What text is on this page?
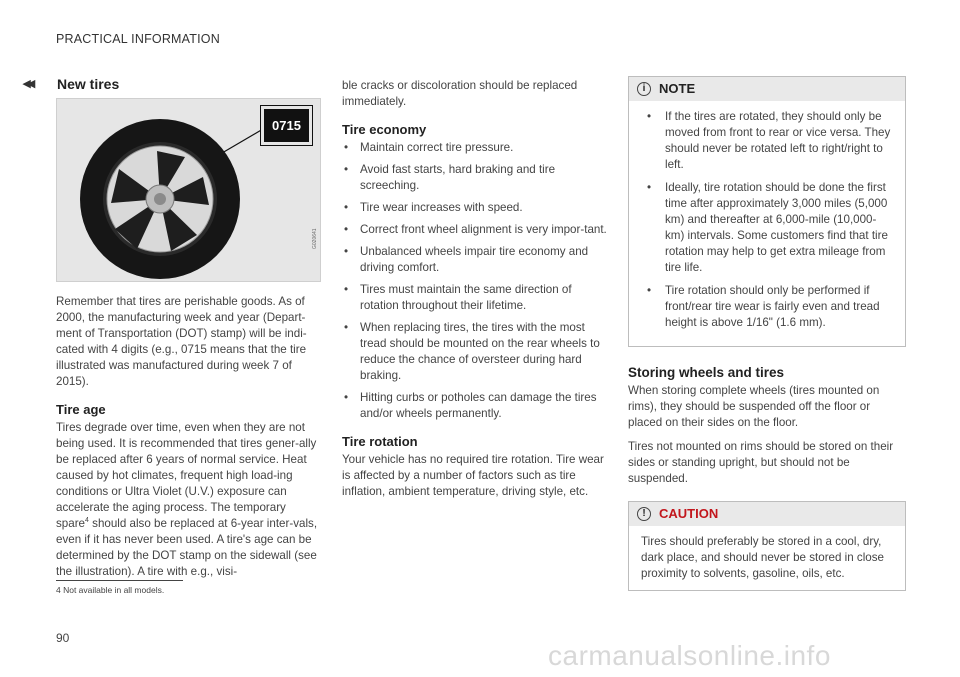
PRACTICAL INFORMATION
◂◂	New tires
0715
G020641

Remember that tires are perishable goods. As of 2000, the manufacturing week and year (Depart-ment of Transportation (DOT) stamp) will be indi-cated with 4 digits (e.g., 0715 means that the tire illustrated was manufactured during week 7 of 2015).

Tire age

Tires degrade over time, even when they are not being used. It is recommended that tires gener-ally be replaced after 6 years of normal service. Heat caused by hot climates, frequent high load-ing conditions or Ultra Violet (U.V.) exposure can accelerate the aging process. The temporary spare$^4$ should also be replaced at 6-year inter-vals, even if it has never been used. A tire's age can be determined by the DOT stamp on the sidewall (see the illustration). A tire with e.g., visi-

ble cracks or discoloration should be replaced immediately.

Tire economy
• Maintain correct tire pressure.
• Avoid fast starts, hard braking and tire screeching.
• Tire wear increases with speed.
• Correct front wheel alignment is very impor-tant.
• Unbalanced wheels impair tire economy and driving comfort.
• Tires must maintain the same direction of rotation throughout their lifetime.
• When replacing tires, the tires with the most tread should be mounted on the rear wheels to reduce the chance of oversteer during hard braking.
• Hitting curbs or potholes can damage the tires and/or wheels permanently.
Tire rotation

Your vehicle has no required tire rotation. Tire wear is affected by a number of factors such as tire inflation, ambient temperature, driving style, etc.

i	NOTE
• If the tires are rotated, they should only be moved from front to rear or vice versa. They should never be rotated left to right/right to left.
• Ideally, tire rotation should be done the first time after approximately 3,000 miles (5,000 km) and thereafter at 6,000-mile (10,000-km) intervals. Some customers find that tire rotation may help to get extra mileage from tire life.
• Tire rotation should only be performed if front/rear tire wear is fairly even and tread height is above 1/16" (1.6 mm).
Storing wheels and tires

When storing complete wheels (tires mounted on rims), they should be suspended off the floor or placed on their sides on the floor.

Tires not mounted on rims should be stored on their sides or standing upright, but should not be suspended.

!	CAUTION

Tires should preferably be stored in a cool, dry, dark place, and should never be stored in close proximity to solvents, gasoline, oils, etc.

4 Not available in all models.
90
carmanualsonline.info
